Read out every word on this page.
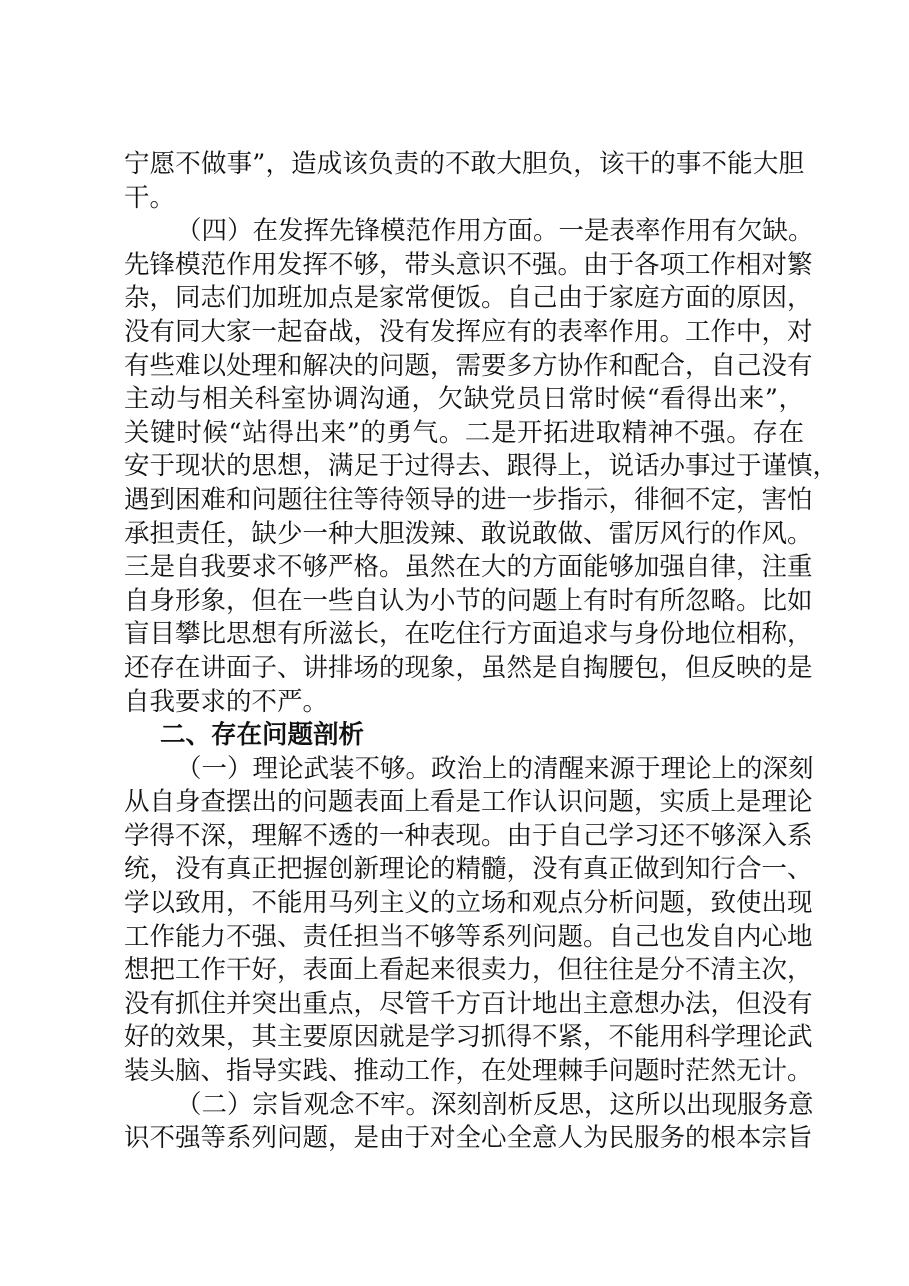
宁愿不做事”，造成该负责的不敢大胆负，该干的事不能大胆
干。
（四）在发挥先锋模范作用方面。一是表率作用有欠缺。
先锋模范作用发挥不够，带头意识不强。由于各项工作相对繁
杂，同志们加班加点是家常便饭。自己由于家庭方面的原因，
没有同大家一起奋战，没有发挥应有的表率作用。工作中，对
有些难以处理和解决的问题，需要多方协作和配合，自己没有
主动与相关科室协调沟通，欠缺党员日常时候“看得出来”，
关键时候“站得出来”的勇气。二是开拓进取精神不强。存在
安于现状的思想，满足于过得去、跟得上，说话办事过于谨慎，
遇到困难和问题往往等待领导的进一步指示，徘徊不定，害怕
承担责任，缺少一种大胆泼辣、敢说敢做、雷厉风行的作风。
三是自我要求不够严格。虽然在大的方面能够加强自律，注重
自身形象，但在一些自认为小节的问题上有时有所忽略。比如
盲目攀比思想有所滋长，在吃住行方面追求与身份地位相称，
还存在讲面子、讲排场的现象，虽然是自掏腰包，但反映的是
自我要求的不严。
二、存在问题剖析
（一）理论武装不够。政治上的清醒来源于理论上的深刻
从自身查摆出的问题表面上看是工作认识问题，实质上是理论
学得不深，理解不透的一种表现。由于自己学习还不够深入系
统，没有真正把握创新理论的精髓，没有真正做到知行合一、
学以致用，不能用马列主义的立场和观点分析问题，致使出现
工作能力不强、责任担当不够等系列问题。自己也发自内心地
想把工作干好，表面上看起来很卖力，但往往是分不清主次，
没有抓住并突出重点，尽管千方百计地出主意想办法，但没有
好的效果，其主要原因就是学习抓得不紧，不能用科学理论武
装头脑、指导实践、推动工作，在处理棘手问题时茫然无计。
（二）宗旨观念不牢。深刻剖析反思，这所以出现服务意
识不强等系列问题，是由于对全心全意人为民服务的根本宗旨
